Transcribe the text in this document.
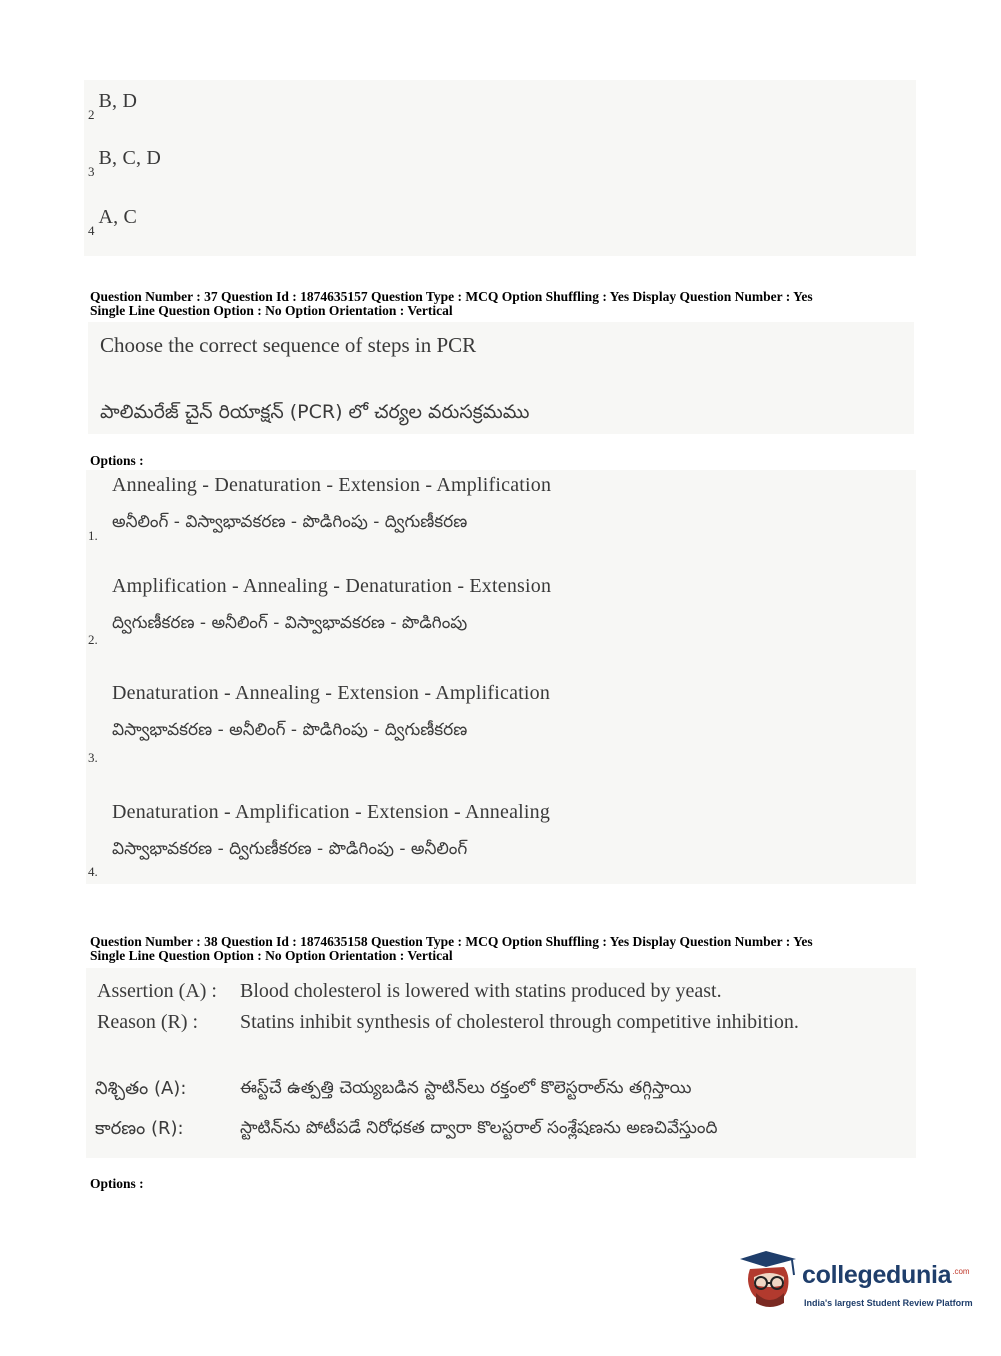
$_2$ B, D
$_3$ B, C, D
$_4$ A, C
Question Number : 37 Question Id : 1874635157 Question Type : MCQ Option Shuffling : Yes Display Question Number : Yes
Single Line Question Option : No Option Orientation : Vertical
Choose the correct sequence of steps in PCR
పాలిమరేజ్ చైన్ రియాక్షన్ (PCR) లో చర్యల వరుసక్రమము
Options :
Annealing - Denaturation - Extension - Amplification
అనీలింగ్ - విస్వాభావకరణ - పొడిగింపు - ద్విగుణీకరణ
1.
Amplification - Annealing - Denaturation - Extension
ద్విగుణీకరణ - అనీలింగ్ - విస్వాభావకరణ - పొడిగింపు
2.
Denaturation - Annealing - Extension - Amplification
విస్వాభావకరణ - అనీలింగ్ - పొడిగింపు - ద్విగుణీకరణ
3.
Denaturation - Amplification - Extension - Annealing
విస్వాభావకరణ - ద్విగుణీకరణ - పొడిగింపు - అనీలింగ్
4.
Question Number : 38 Question Id : 1874635158 Question Type : MCQ Option Shuffling : Yes Display Question Number : Yes
Single Line Question Option : No Option Orientation : Vertical
Assertion (A) : Blood cholesterol is lowered with statins produced by yeast.
Reason (R) : Statins inhibit synthesis of cholesterol through competitive inhibition.
నిశ్చితం (A):	ఈస్ట్‌చే ఉత్పత్తి చెయ్యబడిన స్టాటిన్‌లు రక్తంలో కొలెస్టరాల్‌ను తగ్గిస్తాయి
కారణం (R):	స్టాటిన్‌ను పోటీపడే నిరోధకత ద్వారా కొలస్టరాల్ సంశ్లేషణను అణచివేస్తుంది
Options :
collegedunia$^{.com}$
India's largest Student Review Platform
